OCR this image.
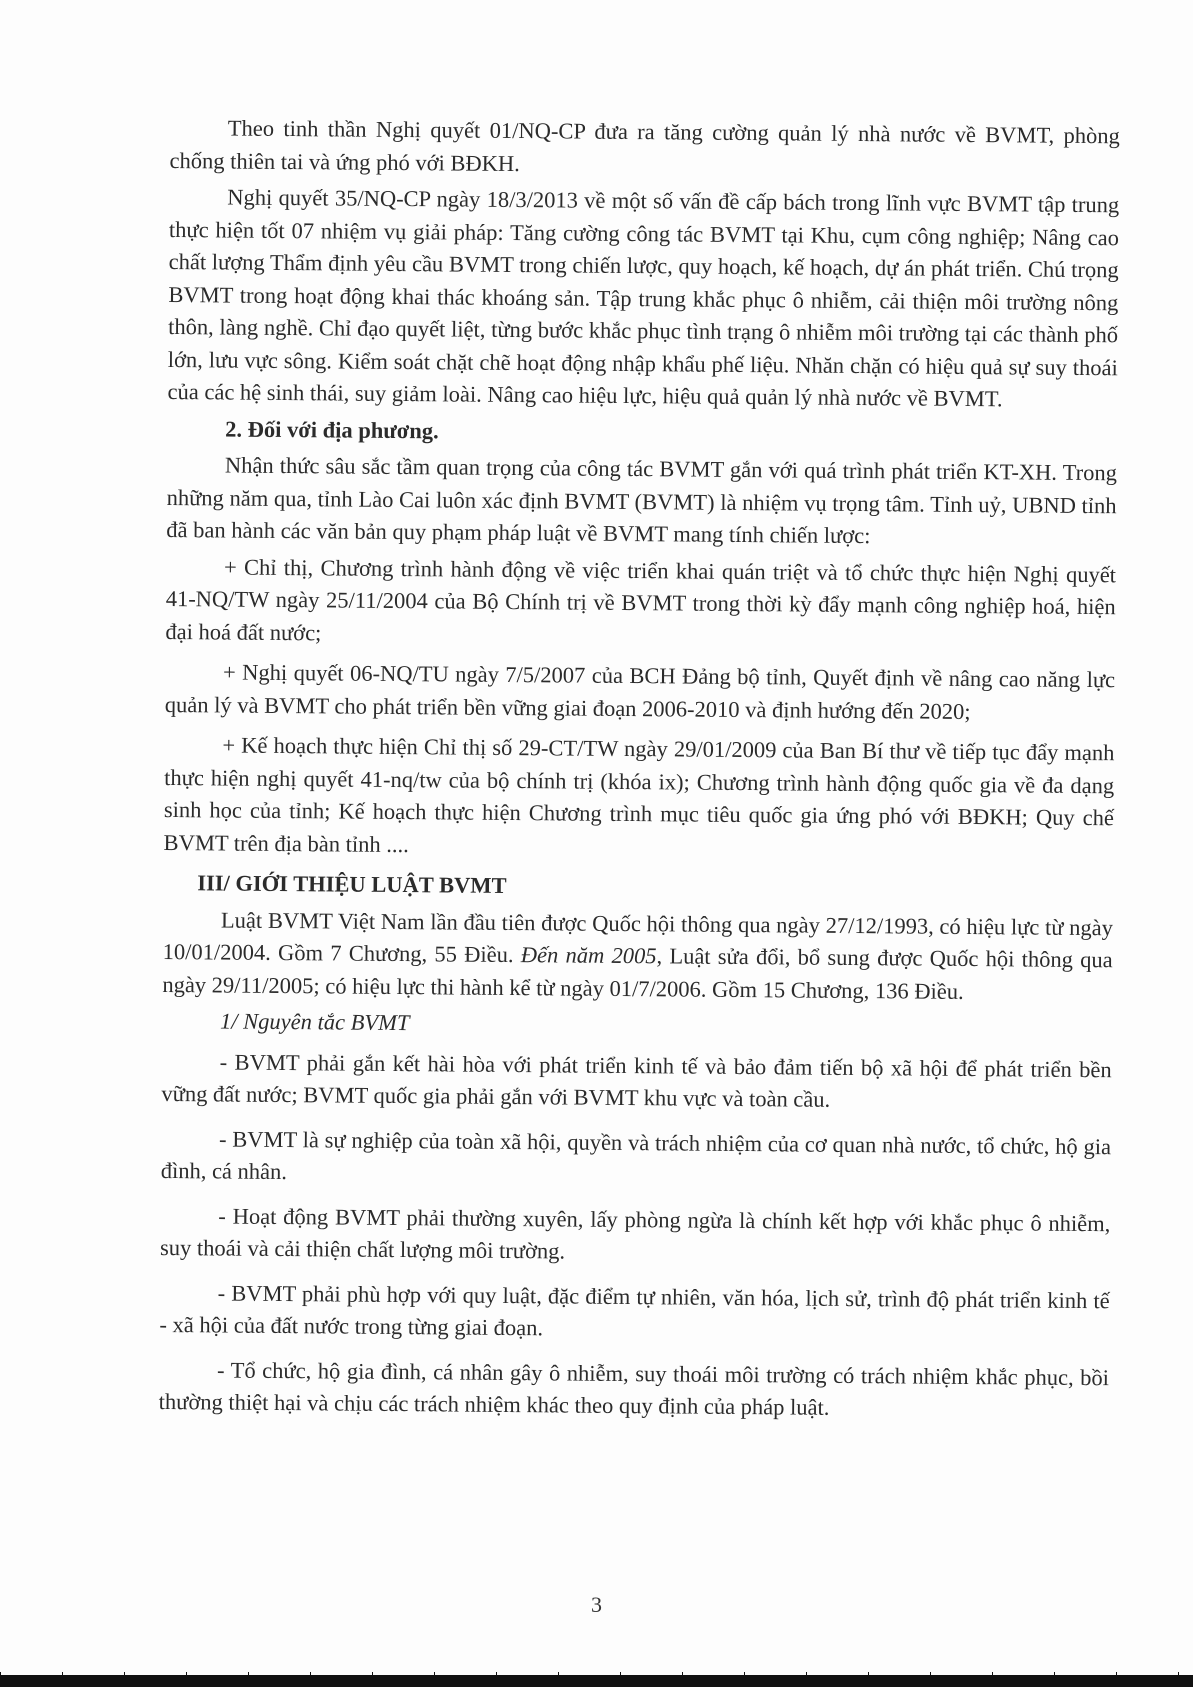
Theo tinh thần Nghị quyết 01/NQ-CP đưa ra tăng cường quản lý nhà nước về BVMT, phòng chống thiên tai và ứng phó với BĐKH.

Nghị quyết 35/NQ-CP ngày 18/3/2013 về một số vấn đề cấp bách trong lĩnh vực BVMT tập trung thực hiện tốt 07 nhiệm vụ giải pháp: Tăng cường công tác BVMT tại Khu, cụm công nghiệp; Nâng cao chất lượng Thẩm định yêu cầu BVMT trong chiến lược, quy hoạch, kế hoạch, dự án phát triển. Chú trọng BVMT trong hoạt động khai thác khoáng sản. Tập trung khắc phục ô nhiễm, cải thiện môi trường nông thôn, làng nghề. Chỉ đạo quyết liệt, từng bước khắc phục tình trạng ô nhiễm môi trường tại các thành phố lớn, lưu vực sông. Kiểm soát chặt chẽ hoạt động nhập khẩu phế liệu. Nhăn chặn có hiệu quả sự suy thoái của các hệ sinh thái, suy giảm loài. Nâng cao hiệu lực, hiệu quả quản lý nhà nước về BVMT.

2. Đối với địa phương.

Nhận thức sâu sắc tầm quan trọng của công tác BVMT gắn với quá trình phát triển KT-XH. Trong những năm qua, tỉnh Lào Cai luôn xác định BVMT (BVMT) là nhiệm vụ trọng tâm. Tỉnh uỷ, UBND tỉnh đã ban hành các văn bản quy phạm pháp luật về BVMT mang tính chiến lược:

+ Chỉ thị, Chương trình hành động về việc triển khai quán triệt và tổ chức thực hiện Nghị quyết 41-NQ/TW ngày 25/11/2004 của Bộ Chính trị về BVMT trong thời kỳ đẩy mạnh công nghiệp hoá, hiện đại hoá đất nước;

+ Nghị quyết 06-NQ/TU ngày 7/5/2007 của BCH Đảng bộ tỉnh, Quyết định về nâng cao năng lực quản lý và BVMT cho phát triển bền vững giai đoạn 2006-2010 và định hướng đến 2020;

+ Kế hoạch thực hiện Chỉ thị số 29-CT/TW ngày 29/01/2009 của Ban Bí thư về tiếp tục đẩy mạnh thực hiện nghị quyết 41-nq/tw của bộ chính trị (khóa ix); Chương trình hành động quốc gia về đa dạng sinh học của tỉnh; Kế hoạch thực hiện Chương trình mục tiêu quốc gia ứng phó với BĐKH; Quy chế BVMT trên địa bàn tỉnh ....

III/ GIỚI THIỆU LUẬT BVMT

Luật BVMT Việt Nam lần đầu tiên được Quốc hội thông qua ngày 27/12/1993, có hiệu lực từ ngày 10/01/2004. Gồm 7 Chương, 55 Điều. Đến năm 2005, Luật sửa đổi, bổ sung được Quốc hội thông qua ngày 29/11/2005; có hiệu lực thi hành kể từ ngày 01/7/2006. Gồm 15 Chương, 136 Điều.

1/ Nguyên tắc BVMT

- BVMT phải gắn kết hài hòa với phát triển kinh tế và bảo đảm tiến bộ xã hội để phát triển bền vững đất nước; BVMT quốc gia phải gắn với BVMT khu vực và toàn cầu.

- BVMT là sự nghiệp của toàn xã hội, quyền và trách nhiệm của cơ quan nhà nước, tổ chức, hộ gia đình, cá nhân.

- Hoạt động BVMT phải thường xuyên, lấy phòng ngừa là chính kết hợp với khắc phục ô nhiễm, suy thoái và cải thiện chất lượng môi trường.

- BVMT phải phù hợp với quy luật, đặc điểm tự nhiên, văn hóa, lịch sử, trình độ phát triển kinh tế - xã hội của đất nước trong từng giai đoạn.

- Tổ chức, hộ gia đình, cá nhân gây ô nhiễm, suy thoái môi trường có trách nhiệm khắc phục, bồi thường thiệt hại và chịu các trách nhiệm khác theo quy định của pháp luật.

3
